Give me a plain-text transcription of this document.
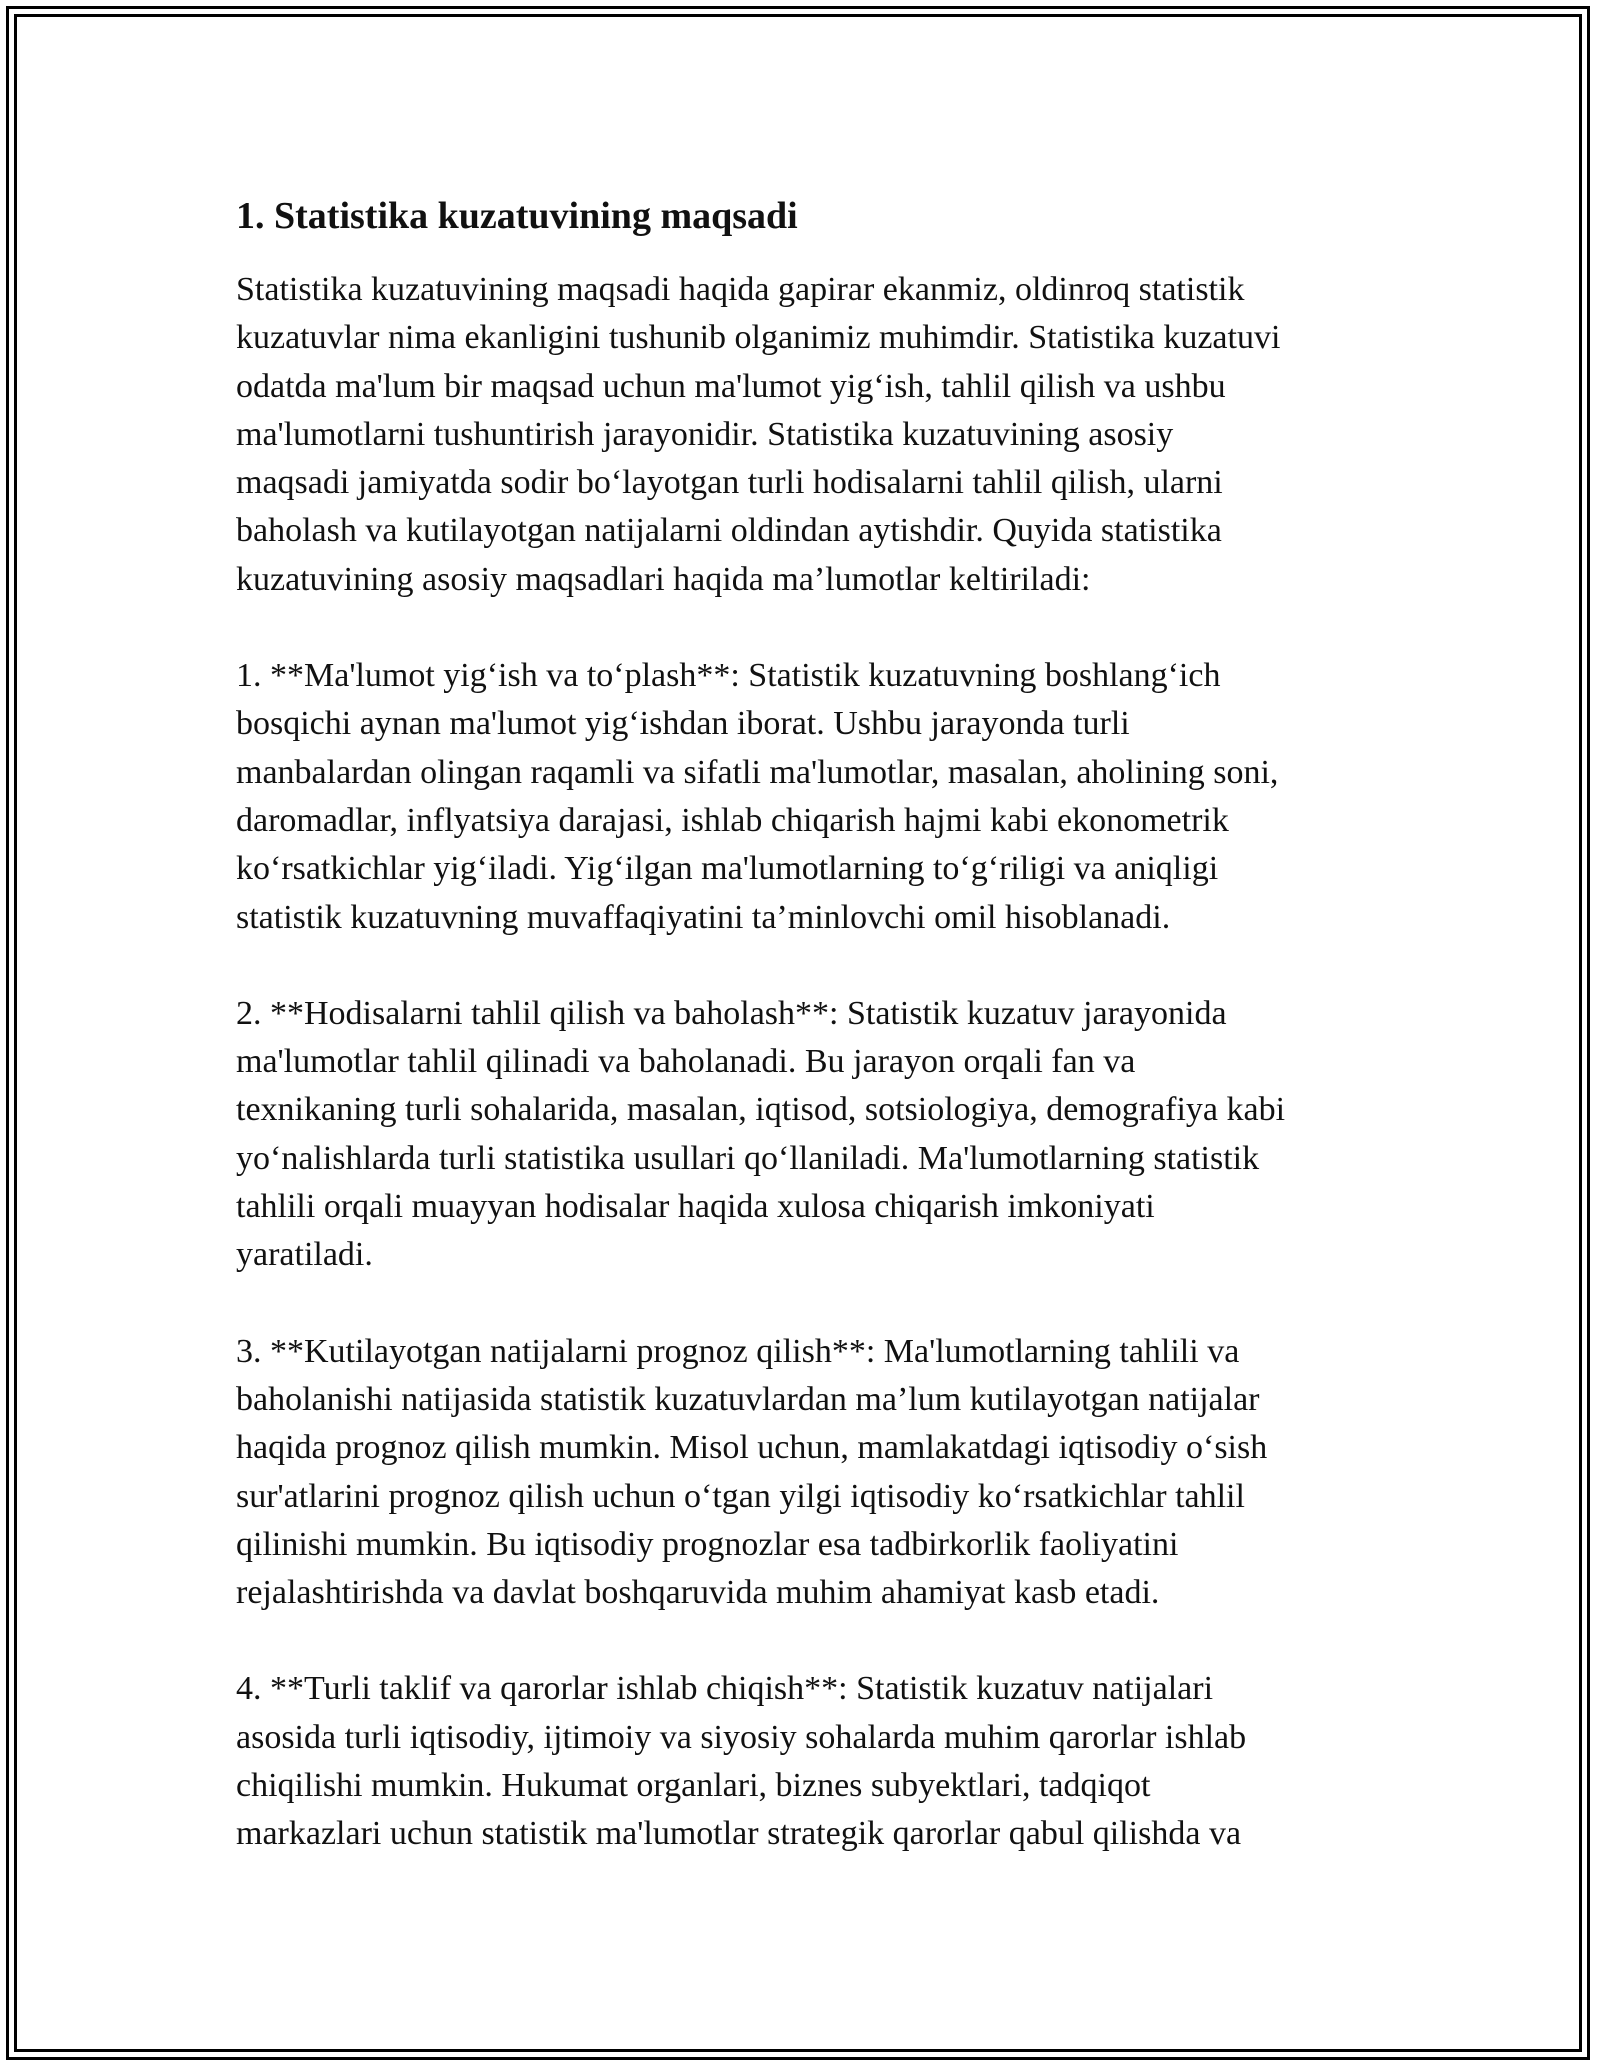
1. Statistika kuzatuvining maqsadi

Statistika kuzatuvining maqsadi haqida gapirar ekanmiz, oldinroq statistik
kuzatuvlar nima ekanligini tushunib olganimiz muhimdir. Statistika kuzatuvi
odatda ma'lum bir maqsad uchun ma'lumot yig‘ish, tahlil qilish va ushbu
ma'lumotlarni tushuntirish jarayonidir. Statistika kuzatuvining asosiy
maqsadi jamiyatda sodir bo‘layotgan turli hodisalarni tahlil qilish, ularni
baholash va kutilayotgan natijalarni oldindan aytishdir. Quyida statistika
kuzatuvining asosiy maqsadlari haqida ma’lumotlar keltiriladi:

1. **Ma'lumot yig‘ish va to‘plash**: Statistik kuzatuvning boshlang‘ich
bosqichi aynan ma'lumot yig‘ishdan iborat. Ushbu jarayonda turli
manbalardan olingan raqamli va sifatli ma'lumotlar, masalan, aholining soni,
daromadlar, inflyatsiya darajasi, ishlab chiqarish hajmi kabi ekonometrik
ko‘rsatkichlar yig‘iladi. Yig‘ilgan ma'lumotlarning to‘g‘riligi va aniqligi
statistik kuzatuvning muvaffaqiyatini ta’minlovchi omil hisoblanadi.

2. **Hodisalarni tahlil qilish va baholash**: Statistik kuzatuv jarayonida
ma'lumotlar tahlil qilinadi va baholanadi. Bu jarayon orqali fan va
texnikaning turli sohalarida, masalan, iqtisod, sotsiologiya, demografiya kabi
yo‘nalishlarda turli statistika usullari qo‘llaniladi. Ma'lumotlarning statistik
tahlili orqali muayyan hodisalar haqida xulosa chiqarish imkoniyati
yaratiladi.

3. **Kutilayotgan natijalarni prognoz qilish**: Ma'lumotlarning tahlili va
baholanishi natijasida statistik kuzatuvlardan ma’lum kutilayotgan natijalar
haqida prognoz qilish mumkin. Misol uchun, mamlakatdagi iqtisodiy o‘sish
sur'atlarini prognoz qilish uchun o‘tgan yilgi iqtisodiy ko‘rsatkichlar tahlil
qilinishi mumkin. Bu iqtisodiy prognozlar esa tadbirkorlik faoliyatini
rejalashtirishda va davlat boshqaruvida muhim ahamiyat kasb etadi.

4. **Turli taklif va qarorlar ishlab chiqish**: Statistik kuzatuv natijalari
asosida turli iqtisodiy, ijtimoiy va siyosiy sohalarda muhim qarorlar ishlab
chiqilishi mumkin. Hukumat organlari, biznes subyektlari, tadqiqot
markazlari uchun statistik ma'lumotlar strategik qarorlar qabul qilishda va
